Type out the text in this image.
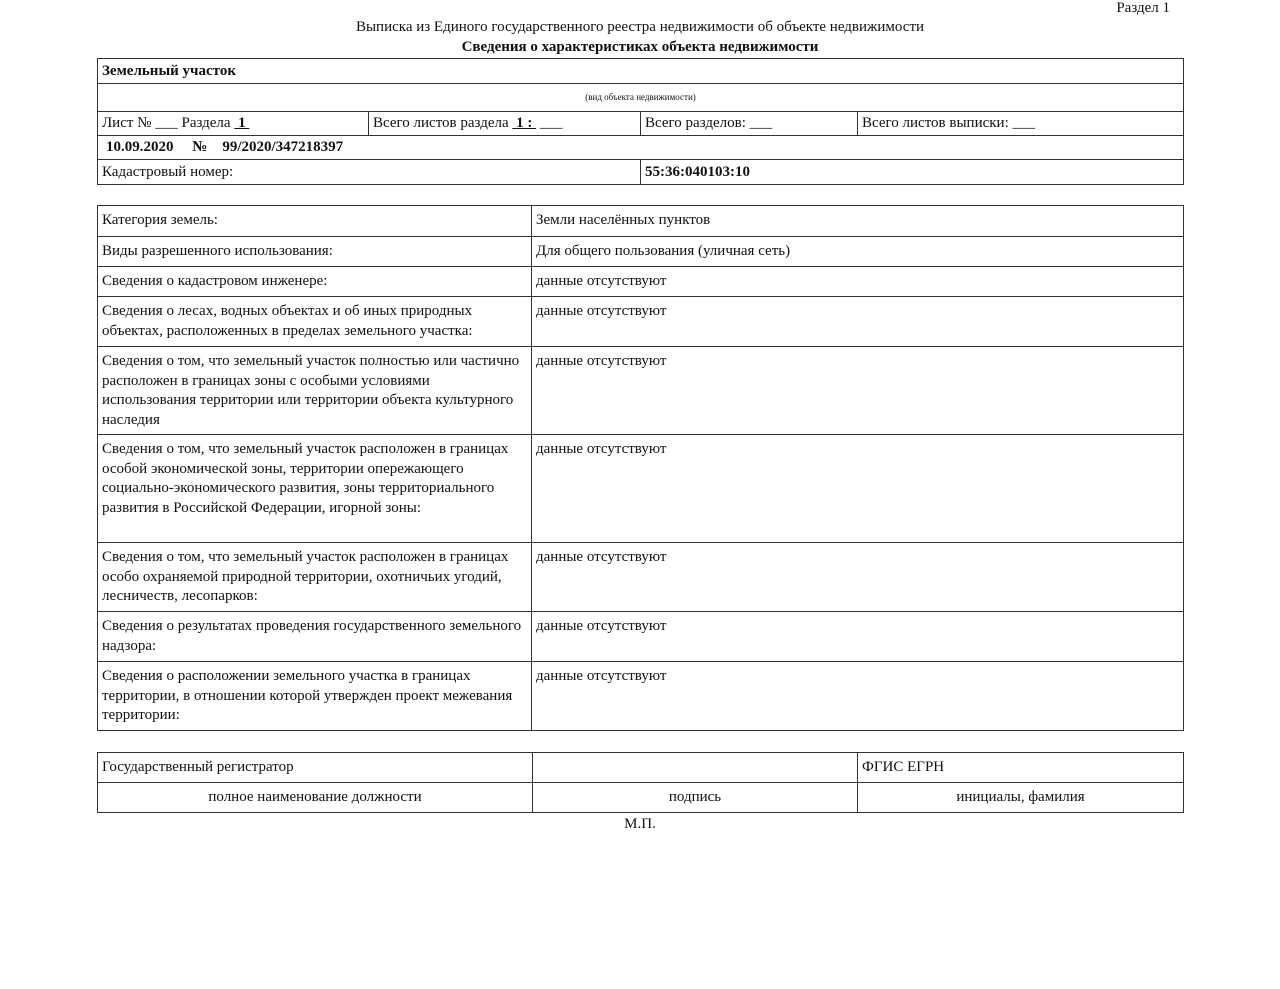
Раздел 1
Выписка из Единого государственного реестра недвижимости об объекте недвижимости
Сведения о характеристиках объекта недвижимости
Земельный участок			
(вид объекта недвижимости)			
Лист № ___ Раздела 1	Всего листов раздела 1 : ___	Всего разделов: ___	Всего листов выписки: ___
10.09.2020 № 99/2020/347218397			
Кадастровый номер:		55:36:040103:10	
Категория земель:	Земли населённых пунктов
Виды разрешенного использования:	Для общего пользования (уличная сеть)
Сведения о кадастровом инженере:	данные отсутствуют
Сведения о лесах, водных объектах и об иных природных объектах, расположенных в пределах земельного участка:	данные отсутствуют
Сведения о том, что земельный участок полностью или частично расположен в границах зоны с особыми условиями использования территории или территории объекта культурного наследия	данные отсутствуют
Сведения о том, что земельный участок расположен в границах особой экономической зоны, территории опережающего социально-экономического развития, зоны территориального развития в Российской Федерации, игорной зоны:	данные отсутствуют
Сведения о том, что земельный участок расположен в границах особо охраняемой природной территории, охотничьих угодий, лесничеств, лесопарков:	данные отсутствуют
Сведения о результатах проведения государственного земельного надзора:	данные отсутствуют
Сведения о расположении земельного участка в границах территории, в отношении которой утвержден проект межевания территории:	данные отсутствуют
Государственный регистратор		ФГИС ЕГРН
полное наименование должности	подпись	инициалы, фамилия
М.П.
